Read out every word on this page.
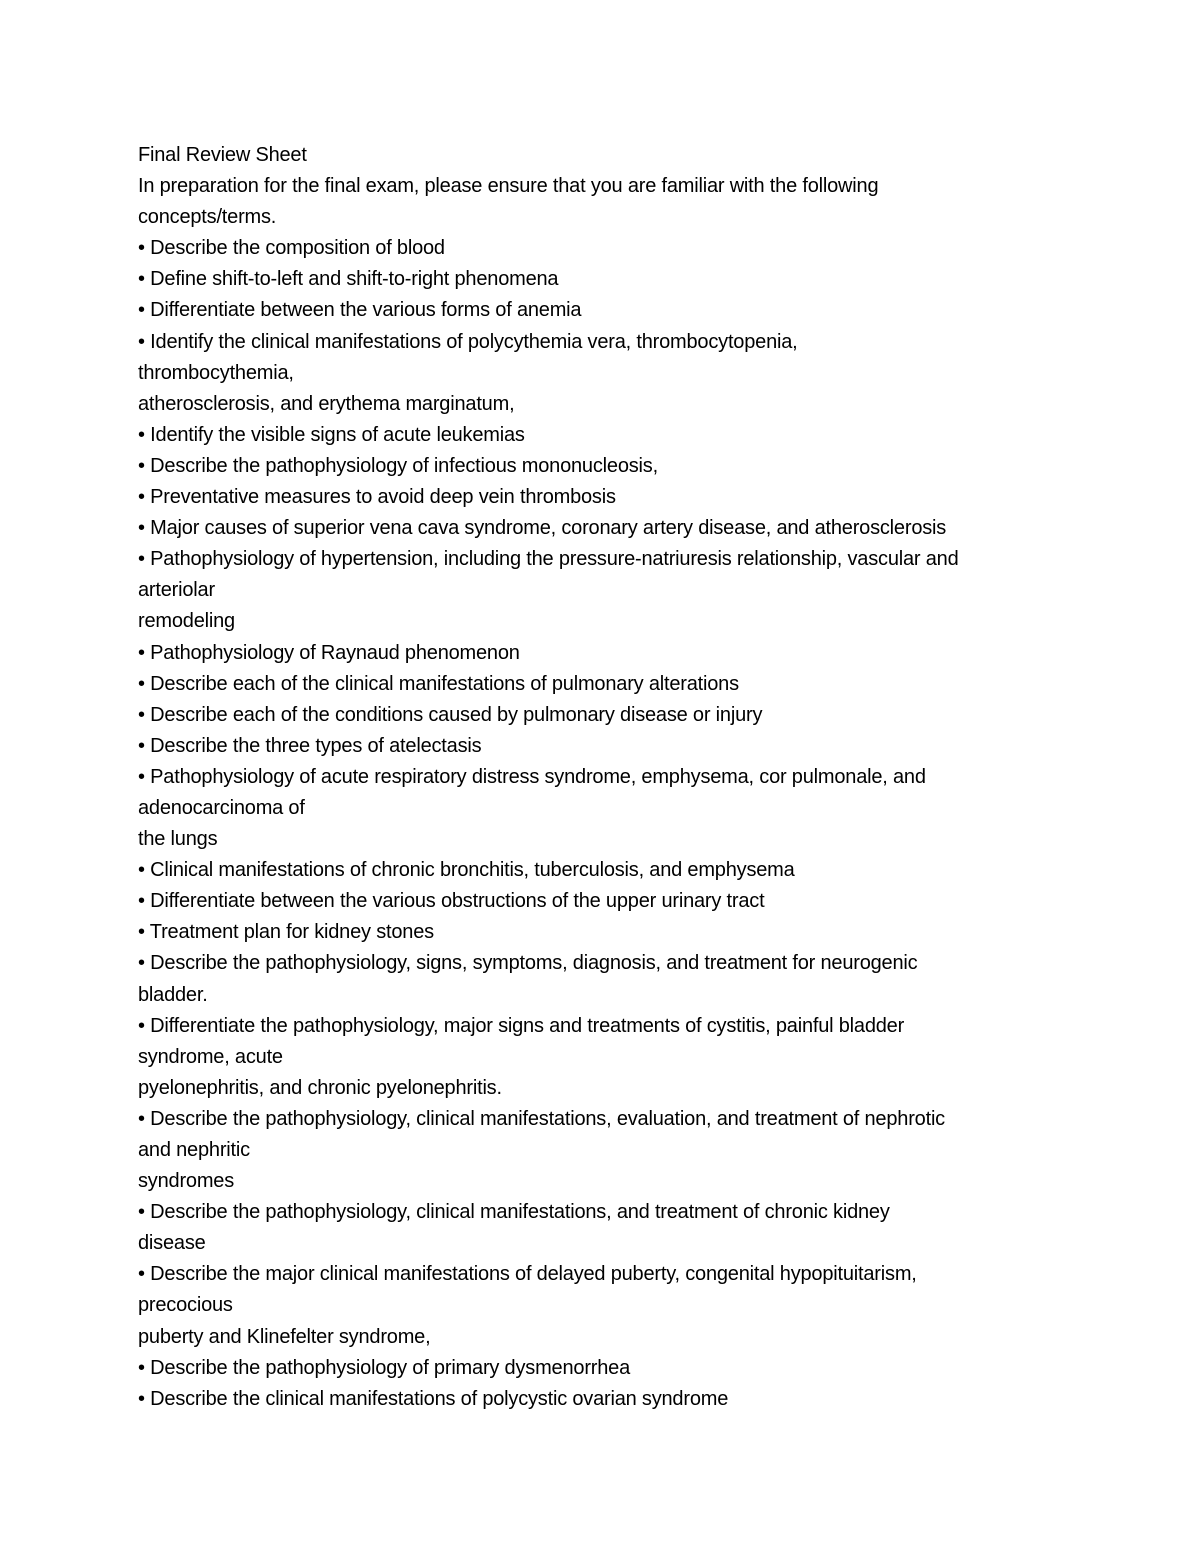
Final Review Sheet
In preparation for the final exam, please ensure that you are familiar with the following
concepts/terms.
• Describe the composition of blood
• Define shift-to-left and shift-to-right phenomena
• Differentiate between the various forms of anemia
• Identify the clinical manifestations of polycythemia vera, thrombocytopenia,
thrombocythemia,
atherosclerosis, and erythema marginatum,
• Identify the visible signs of acute leukemias
• Describe the pathophysiology of infectious mononucleosis,
• Preventative measures to avoid deep vein thrombosis
• Major causes of superior vena cava syndrome, coronary artery disease, and atherosclerosis
• Pathophysiology of hypertension, including the pressure-natriuresis relationship, vascular and
arteriolar
remodeling
• Pathophysiology of Raynaud phenomenon
• Describe each of the clinical manifestations of pulmonary alterations
• Describe each of the conditions caused by pulmonary disease or injury
• Describe the three types of atelectasis
• Pathophysiology of acute respiratory distress syndrome, emphysema, cor pulmonale, and
adenocarcinoma of
the lungs
• Clinical manifestations of chronic bronchitis, tuberculosis, and emphysema
• Differentiate between the various obstructions of the upper urinary tract
• Treatment plan for kidney stones
• Describe the pathophysiology, signs, symptoms, diagnosis, and treatment for neurogenic
bladder.
• Differentiate the pathophysiology, major signs and treatments of cystitis, painful bladder
syndrome, acute
pyelonephritis, and chronic pyelonephritis.
• Describe the pathophysiology, clinical manifestations, evaluation, and treatment of nephrotic
and nephritic
syndromes
• Describe the pathophysiology, clinical manifestations, and treatment of chronic kidney
disease
• Describe the major clinical manifestations of delayed puberty, congenital hypopituitarism,
precocious
puberty and Klinefelter syndrome,
• Describe the pathophysiology of primary dysmenorrhea
• Describe the clinical manifestations of polycystic ovarian syndrome
